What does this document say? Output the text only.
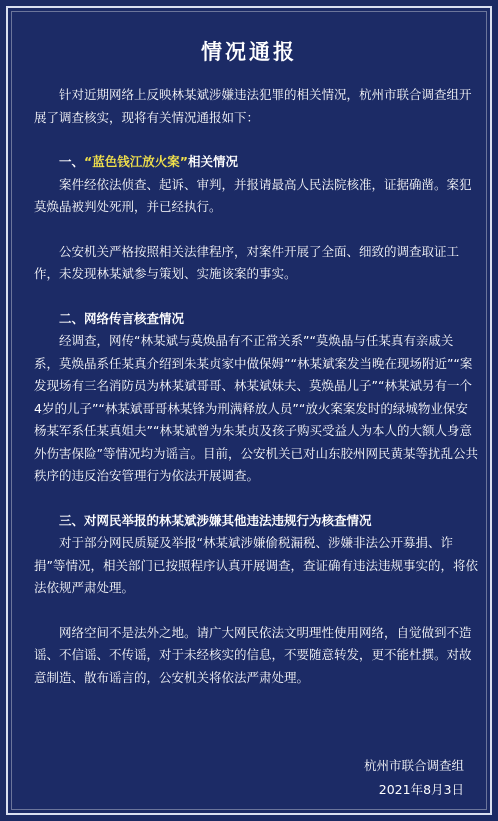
情况通报

针对近期网络上反映林某斌涉嫌违法犯罪的相关情况，杭州市联合调查组开展了调查核实，现将有关情况通报如下：

一、“蓝色钱江放火案”相关情况

案件经依法侦查、起诉、审判，并报请最高人民法院核准，证据确凿。案犯莫焕晶被判处死刑，并已经执行。

公安机关严格按照相关法律程序，对案件开展了全面、细致的调查取证工作，未发现林某斌参与策划、实施该案的事实。

二、网络传言核查情况

经调查，网传“林某斌与莫焕晶有不正常关系”“莫焕晶与任某真有亲戚关系，莫焕晶系任某真介绍到朱某贞家中做保姆”“林某斌案发当晚在现场附近”“案发现场有三名消防员为林某斌哥哥、林某斌妹夫、莫焕晶儿子”“林某斌另有一个4岁的儿子”“林某斌哥哥林某锋为刑满释放人员”“放火案案发时的绿城物业保安杨某军系任某真姐夫”“林某斌曾为朱某贞及孩子购买受益人为本人的大额人身意外伤害保险”等情况均为谣言。目前，公安机关已对山东胶州网民黄某等扰乱公共秩序的违反治安管理行为依法开展调查。

三、对网民举报的林某斌涉嫌其他违法违规行为核查情况

对于部分网民质疑及举报“林某斌涉嫌偷税漏税、涉嫌非法公开募捐、诈捐”等情况，相关部门已按照程序认真开展调查，查证确有违法违规事实的，将依法依规严肃处理。

网络空间不是法外之地。请广大网民依法文明理性使用网络，自觉做到不造谣、不信谣、不传谣，对于未经核实的信息，不要随意转发，更不能杜撰。对故意制造、散布谣言的，公安机关将依法严肃处理。

杭州市联合调查组
2021年8月3日
